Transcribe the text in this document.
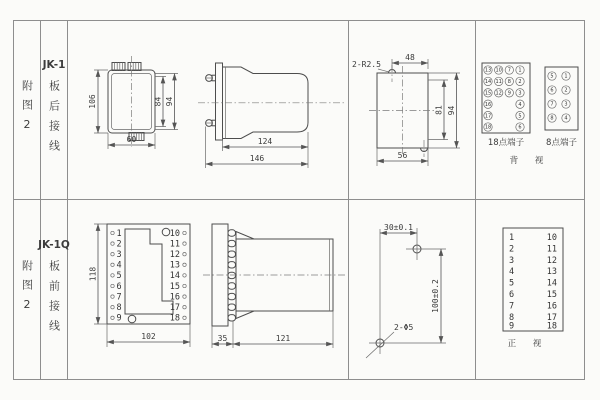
附图2
JK-1
板后接线	106	84 94
60	124
146
48
81 94
56
2-R2.5
13 10 7 1
14 11 8 2
15 12 9 3
16	4
17	5
18	6
5 1
6 2
7 3
8 4
18点端子	8点端子
背 视
附图2
JK-1Q
板前接线
1
2
3
4
5
6
7
8
9
10
11
12
13
14
15
16
17
18
118
102	35	121
30±0.1
100±0.2
2-Φ5
1
2
3
4
5
6
7
8
9
10
11
12
13
14
15
16
17
18
正 视
